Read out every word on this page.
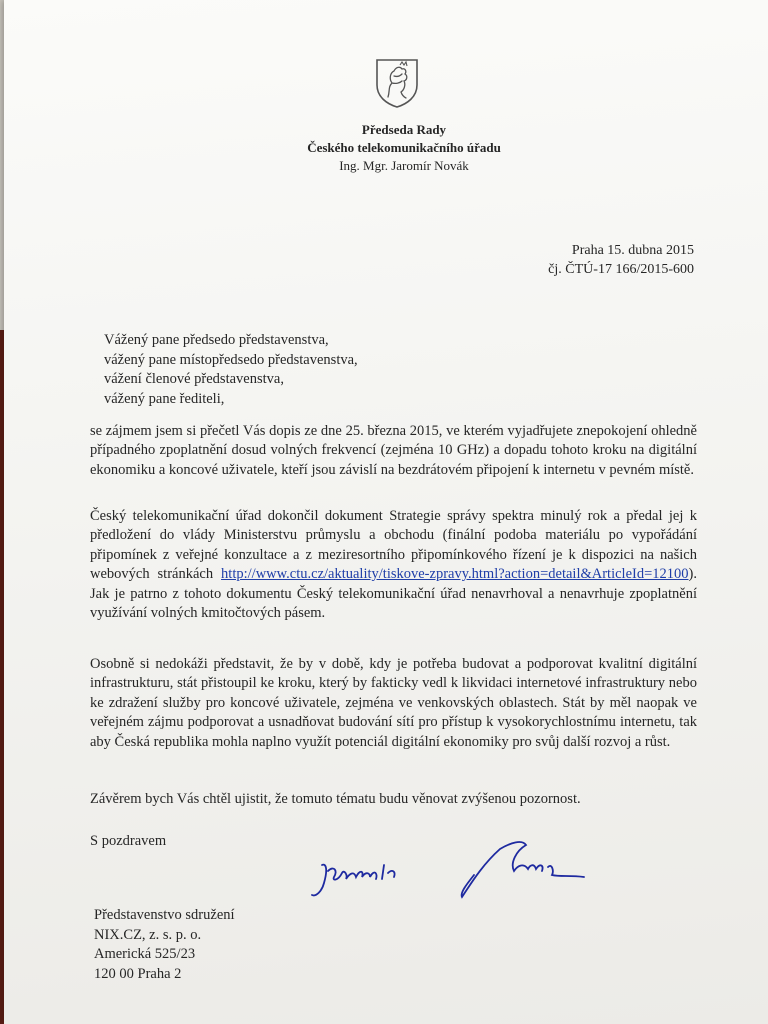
Předseda Rady
Českého telekomunikačního úřadu
Ing. Mgr. Jaromír Novák
Praha 15. dubna 2015
čj. ČTÚ-17 166/2015-600
Vážený pane předsedo představenstva,
vážený pane místopředsedo představenstva,
vážení členové představenstva,
vážený pane řediteli,

se zájmem jsem si přečetl Vás dopis ze dne 25. března 2015, ve kterém vyjadřujete znepokojení ohledně případného zpoplatnění dosud volných frekvencí (zejména 10 GHz) a dopadu tohoto kroku na digitální ekonomiku a koncové uživatele, kteří jsou závislí na bezdrátovém připojení k internetu v pevném místě.

Český telekomunikační úřad dokončil dokument Strategie správy spektra minulý rok a předal jej k předložení do vlády Ministerstvu průmyslu a obchodu (finální podoba materiálu po vypořádání připomínek z veřejné konzultace a z meziresortního připomínkového řízení je k dispozici na našich webových stránkách http://www.ctu.cz/aktuality/tiskove-zpravy.html?action=detail&ArticleId=12100). Jak je patrno z tohoto dokumentu Český telekomunikační úřad nenavrhoval a nenavrhuje zpoplatnění využívání volných kmitočtových pásem.

Osobně si nedokáži představit, že by v době, kdy je potřeba budovat a podporovat kvalitní digitální infrastrukturu, stát přistoupil ke kroku, který by fakticky vedl k likvidaci internetové infrastruktury nebo ke zdražení služby pro koncové uživatele, zejména ve venkovských oblastech. Stát by měl naopak ve veřejném zájmu podporovat a usnadňovat budování sítí pro přístup k vysokorychlostnímu internetu, tak aby Česká republika mohla naplno využít potenciál digitální ekonomiky pro svůj další rozvoj a růst.

Závěrem bych Vás chtěl ujistit, že tomuto tématu budu věnovat zvýšenou pozornost.
S pozdravem
Představenstvo sdružení
NIX.CZ, z. s. p. o.
Americká 525/23
120 00 Praha 2
